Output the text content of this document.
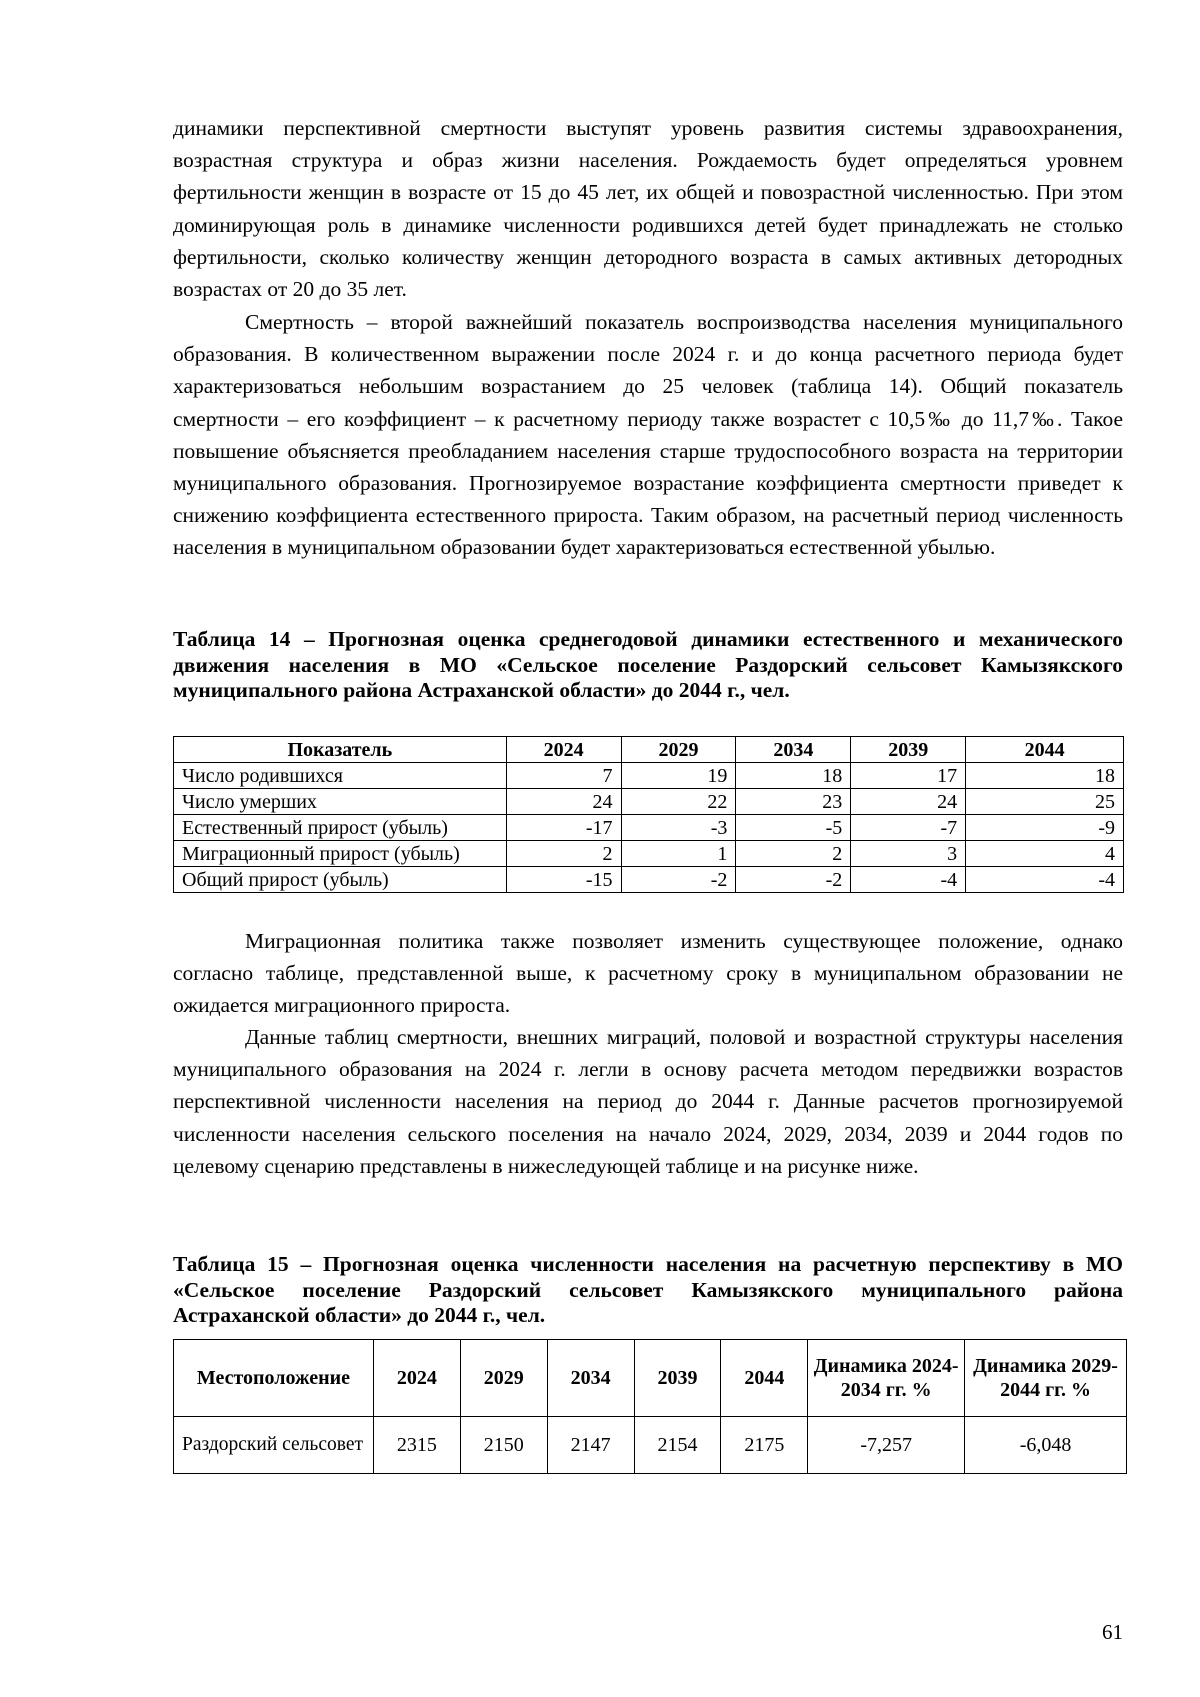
динамики перспективной смертности выступят уровень развития системы здравоохранения, возрастная структура и образ жизни населения. Рождаемость будет определяться уровнем фертильности женщин в возрасте от 15 до 45 лет, их общей и повозрастной численностью. При этом доминирующая роль в динамике численности родившихся детей будет принадлежать не столько фертильности, сколько количеству женщин детородного возраста в самых активных детородных возрастах от 20 до 35 лет.

Смертность – второй важнейший показатель воспроизводства населения муниципального образования. В количественном выражении после 2024 г. и до конца расчетного периода будет характеризоваться небольшим возрастанием до 25 человек (таблица 14). Общий показатель смертности – его коэффициент – к расчетному периоду также возрастет с 10,5‰ до 11,7‰. Такое повышение объясняется преобладанием населения старше трудоспособного возраста на территории муниципального образования. Прогнозируемое возрастание коэффициента смертности приведет к снижению коэффициента естественного прироста. Таким образом, на расчетный период численность населения в муниципальном образовании будет характеризоваться естественной убылью.

Таблица 14 – Прогнозная оценка среднегодовой динамики естественного и механического движения населения в МО «Сельское поселение Раздорский сельсовет Камызякского муниципального района Астраханской области» до 2044 г., чел.

Показатель	2024	2029	2034	2039	2044
Число родившихся	7	19	18	17	18
Число умерших	24	22	23	24	25
Естественный прирост (убыль)	-17	-3	-5	-7	-9
Миграционный прирост (убыль)	2	1	2	3	4
Общий прирост (убыль)	-15	-2	-2	-4	-4

Миграционная политика также позволяет изменить существующее положение, однако согласно таблице, представленной выше, к расчетному сроку в муниципальном образовании не ожидается миграционного прироста.

Данные таблиц смертности, внешних миграций, половой и возрастной структуры населения муниципального образования на 2024 г. легли в основу расчета методом передвижки возрастов перспективной численности населения на период до 2044 г. Данные расчетов прогнозируемой численности населения сельского поселения на начало 2024, 2029, 2034, 2039 и 2044 годов по целевому сценарию представлены в нижеследующей таблице и на рисунке ниже.

Таблица 15 – Прогнозная оценка численности населения на расчетную перспективу в МО «Сельское поселение Раздорский сельсовет Камызякского муниципального района Астраханской области» до 2044 г., чел.

Местоположение	2024	2029	2034	2039	2044	Динамика 2024-2034 гг. %	Динамика 2029-2044 гг. %
Раздорский сельсовет	2315	2150	2147	2154	2175	-7,257	-6,048
61
